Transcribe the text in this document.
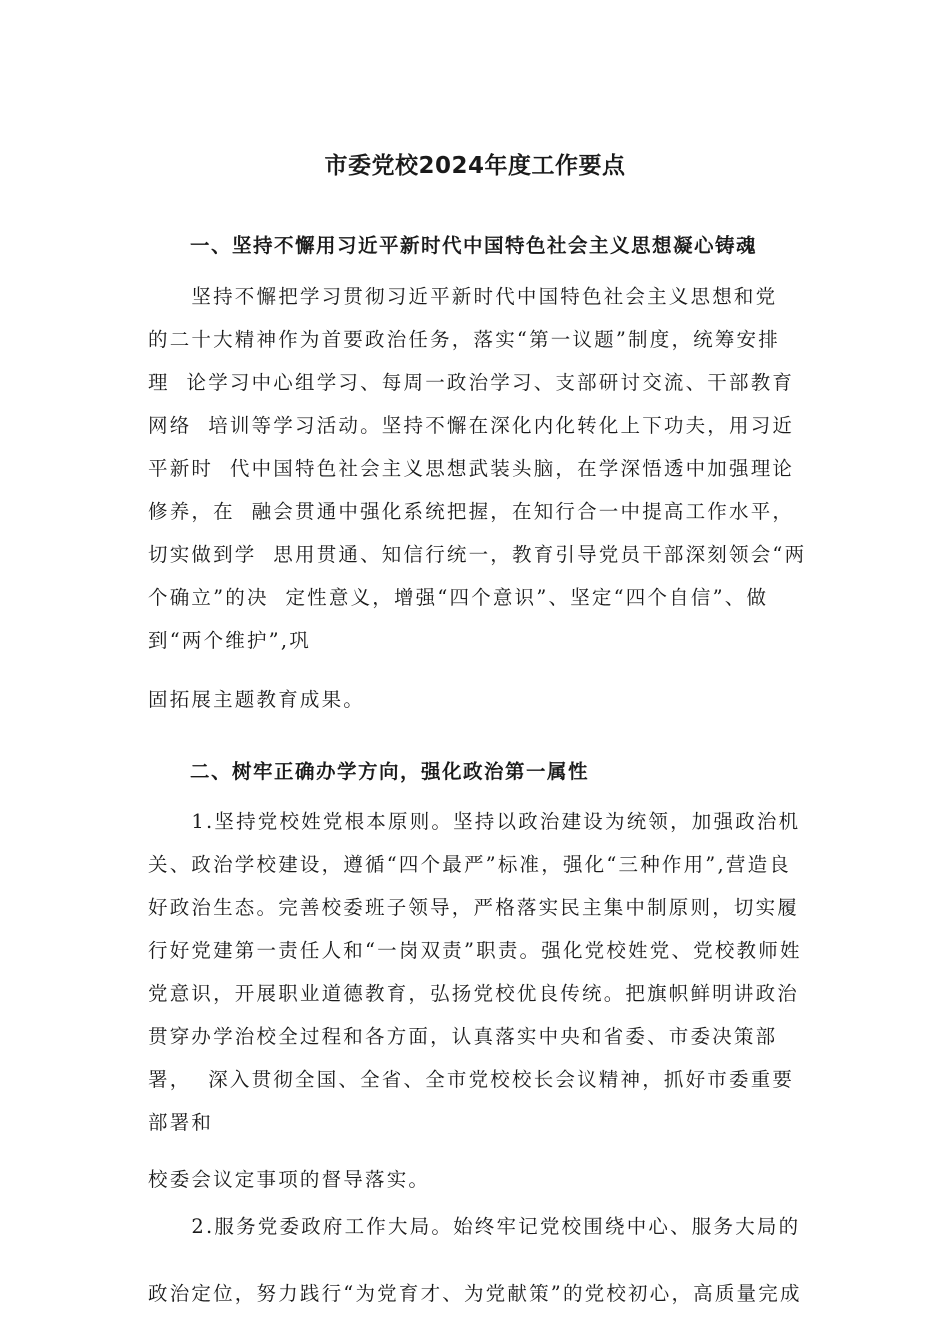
市委党校2024年度工作要点
一、坚持不懈用习近平新时代中国特色社会主义思想凝心铸魂
　　坚持不懈把学习贯彻习近平新时代中国特色社会主义思想和党
的二十大精神作为首要政治任务，落实“第一议题”制度，统筹安排
理  论学习中心组学习、每周一政治学习、支部研讨交流、干部教育
网络  培训等学习活动。坚持不懈在深化内化转化上下功夫，用习近
平新时  代中国特色社会主义思想武装头脑，在学深悟透中加强理论
修养，在  融会贯通中强化系统把握，在知行合一中提高工作水平，
切实做到学  思用贯通、知信行统一，教育引导党员干部深刻领会“两
个确立”的决  定性意义，增强“四个意识”、坚定“四个自信”、做
到“两个维护”,巩
固拓展主题教育成果。
二、树牢正确办学方向，强化政治第一属性
　　1.坚持党校姓党根本原则。坚持以政治建设为统领，加强政治机
关、政治学校建设，遵循“四个最严”标准，强化“三种作用”,营造良
好政治生态。完善校委班子领导，严格落实民主集中制原则，切实履
行好党建第一责任人和“一岗双责”职责。强化党校姓党、党校教师姓
党意识，开展职业道德教育，弘扬党校优良传统。把旗帜鲜明讲政治
贯穿办学治校全过程和各方面，认真落实中央和省委、市委决策部
署，  深入贯彻全国、全省、全市党校校长会议精神，抓好市委重要
部署和
校委会议定事项的督导落实。
　　2.服务党委政府工作大局。始终牢记党校围绕中心、服务大局的
政治定位，努力践行“为党育才、为党献策”的党校初心，高质量完成
